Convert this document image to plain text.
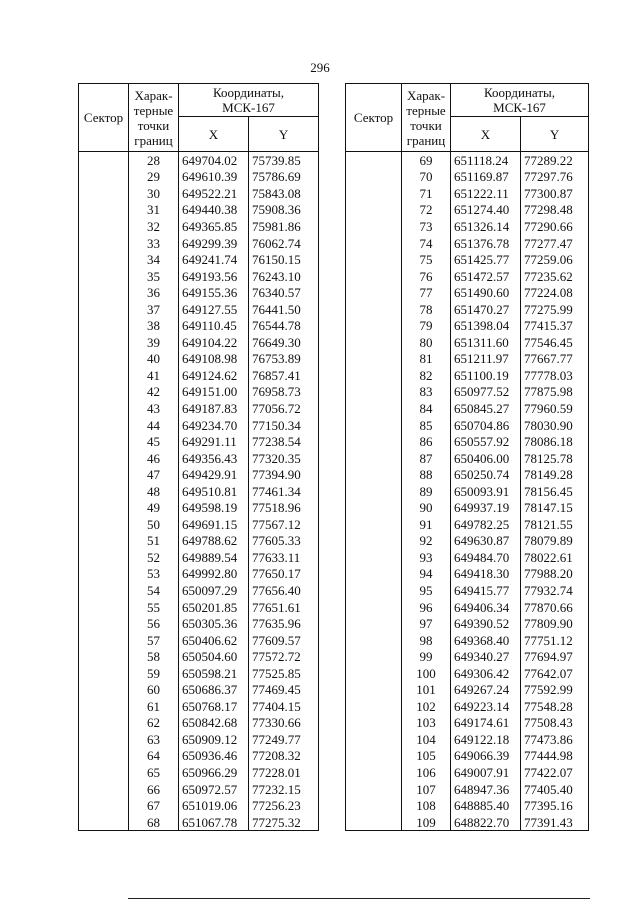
296
Сектор	Харак-
терные
точки
границ	Координаты,
МСК-167	
		X	Y
	28	649704.02	75739.85
	29	649610.39	75786.69
	30	649522.21	75843.08
	31	649440.38	75908.36
	32	649365.85	75981.86
	33	649299.39	76062.74
	34	649241.74	76150.15
	35	649193.56	76243.10
	36	649155.36	76340.57
	37	649127.55	76441.50
	38	649110.45	76544.78
	39	649104.22	76649.30
	40	649108.98	76753.89
	41	649124.62	76857.41
	42	649151.00	76958.73
	43	649187.83	77056.72
	44	649234.70	77150.34
	45	649291.11	77238.54
	46	649356.43	77320.35
	47	649429.91	77394.90
	48	649510.81	77461.34
	49	649598.19	77518.96
	50	649691.15	77567.12
	51	649788.62	77605.33
	52	649889.54	77633.11
	53	649992.80	77650.17
	54	650097.29	77656.40
	55	650201.85	77651.61
	56	650305.36	77635.96
	57	650406.62	77609.57
	58	650504.60	77572.72
	59	650598.21	77525.85
	60	650686.37	77469.45
	61	650768.17	77404.15
	62	650842.68	77330.66
	63	650909.12	77249.77
	64	650936.46	77208.32
	65	650966.29	77228.01
	66	650972.57	77232.15
	67	651019.06	77256.23
	68	651067.78	77275.32
Сектор	Харак-
терные
точки
границ	Координаты,
МСК-167	
		X	Y
	69	651118.24	77289.22
	70	651169.87	77297.76
	71	651222.11	77300.87
	72	651274.40	77298.48
	73	651326.14	77290.66
	74	651376.78	77277.47
	75	651425.77	77259.06
	76	651472.57	77235.62
	77	651490.60	77224.08
	78	651470.27	77275.99
	79	651398.04	77415.37
	80	651311.60	77546.45
	81	651211.97	77667.77
	82	651100.19	77778.03
	83	650977.52	77875.98
	84	650845.27	77960.59
	85	650704.86	78030.90
	86	650557.92	78086.18
	87	650406.00	78125.78
	88	650250.74	78149.28
	89	650093.91	78156.45
	90	649937.19	78147.15
	91	649782.25	78121.55
	92	649630.87	78079.89
	93	649484.70	78022.61
	94	649418.30	77988.20
	95	649415.77	77932.74
	96	649406.34	77870.66
	97	649390.52	77809.90
	98	649368.40	77751.12
	99	649340.27	77694.97
	100	649306.42	77642.07
	101	649267.24	77592.99
	102	649223.14	77548.28
	103	649174.61	77508.43
	104	649122.18	77473.86
	105	649066.39	77444.98
	106	649007.91	77422.07
	107	648947.36	77405.40
	108	648885.40	77395.16
	109	648822.70	77391.43
